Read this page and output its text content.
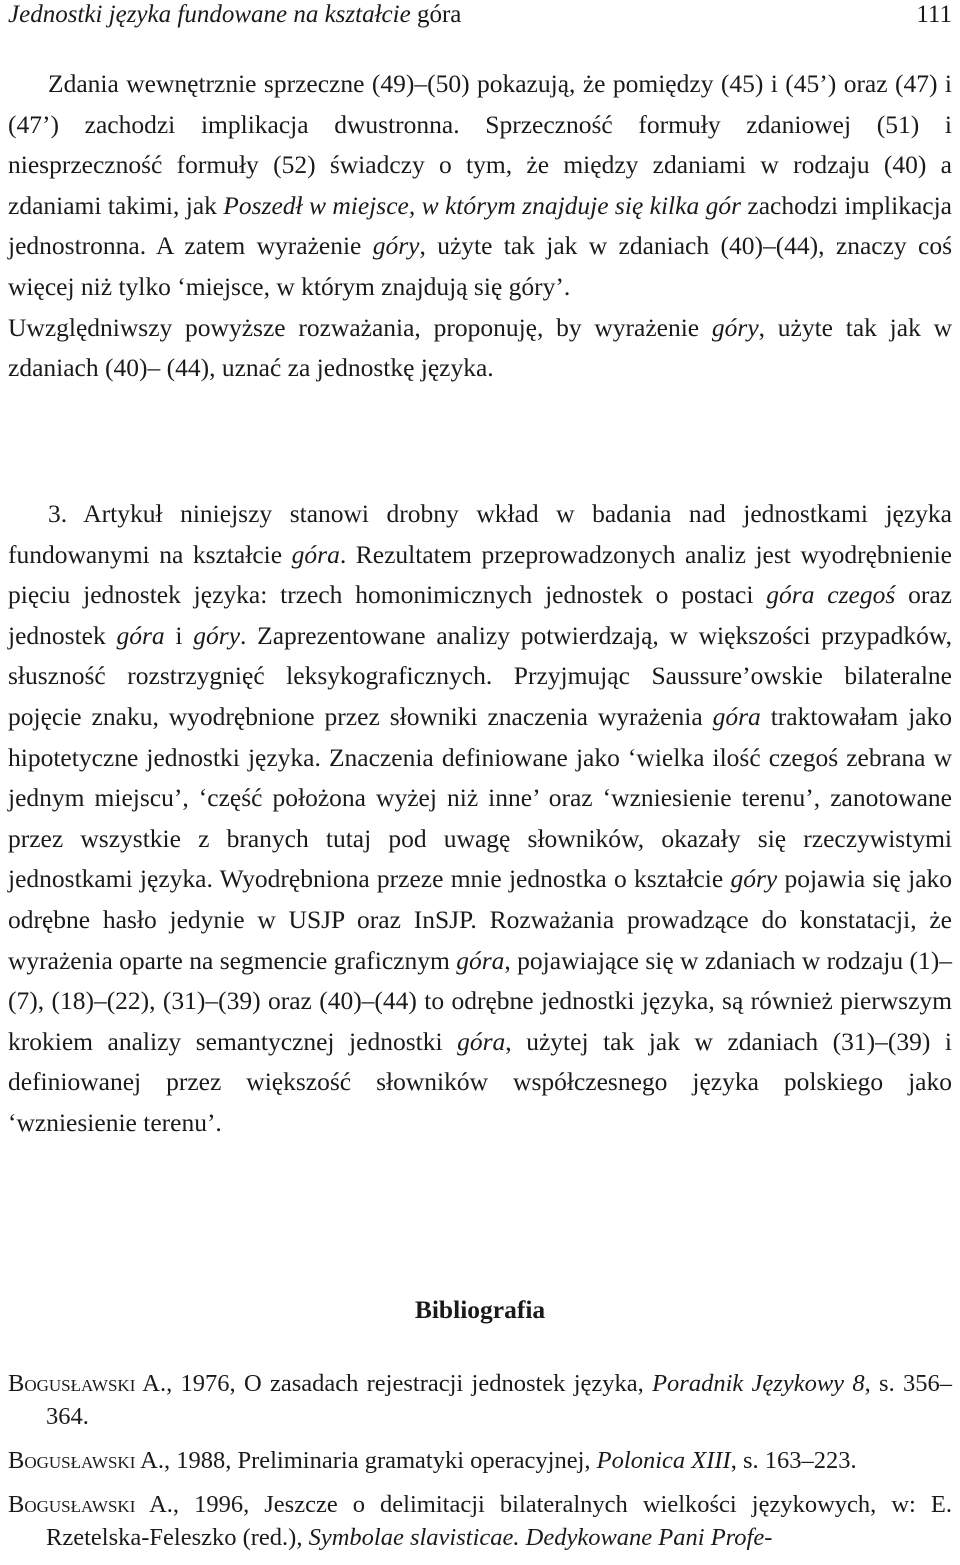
Jednostki języka fundowane na kształcie góra	111

Zdania wewnętrznie sprzeczne (49)–(50) pokazują, że pomiędzy (45) i (45’) oraz (47) i (47’) zachodzi implikacja dwustronna. Sprzeczność formuły zdaniowej (51) i niesprzeczność formuły (52) świadczy o tym, że między zdaniami w rodzaju (40) a zdaniami takimi, jak Poszedł w miejsce, w którym znajduje się kilka gór zachodzi implikacja jednostronna. A zatem wyrażenie góry, użyte tak jak w zdaniach (40)–(44), znaczy coś więcej niż tylko ‘miejsce, w którym znajdują się góry’.

Uwzględniwszy powyższe rozważania, proponuję, by wyrażenie góry, użyte tak jak w zdaniach (40)– (44), uznać za jednostkę języka.

3. Artykuł niniejszy stanowi drobny wkład w badania nad jednostkami języka fundowanymi na kształcie góra. Rezultatem przeprowadzonych analiz jest wyodrębnienie pięciu jednostek języka: trzech homonimicznych jednostek o postaci góra czegoś oraz jednostek góra i góry. Zaprezentowane analizy potwierdzają, w większości przypadków, słuszność rozstrzygnięć leksykograficznych. Przyjmując Saussure’owskie bilateralne pojęcie znaku, wyodrębnione przez słowniki znaczenia wyrażenia góra traktowałam jako hipotetyczne jednostki języka. Znaczenia definiowane jako ‘wielka ilość czegoś zebrana w jednym miejscu’, ‘część położona wyżej niż inne’ oraz ‘wzniesienie terenu’, zanotowane przez wszystkie z branych tutaj pod uwagę słowników, okazały się rzeczywistymi jednostkami języka. Wyodrębniona przeze mnie jednostka o kształcie góry pojawia się jako odrębne hasło jedynie w USJP oraz InSJP. Rozważania prowadzące do konstatacji, że wyrażenia oparte na segmencie graficznym góra, pojawiające się w zdaniach w rodzaju (1)–(7), (18)–(22), (31)–(39) oraz (40)–(44) to odrębne jednostki języka, są również pierwszym krokiem analizy semantycznej jednostki góra, użytej tak jak w zdaniach (31)–(39) i definiowanej przez większość słowników współczesnego języka polskiego jako ‘wzniesienie terenu’.

Bibliografia

Bogusławski A., 1976, O zasadach rejestracji jednostek języka, Poradnik Językowy 8, s. 356–364.

Bogusławski A., 1988, Preliminaria gramatyki operacyjnej, Polonica XIII, s. 163–223.

Bogusławski A., 1996, Jeszcze o delimitacji bilateralnych wielkości językowych, w: E. Rzetelska-Feleszko (red.), Symbolae slavisticae. Dedykowane Pani Profe-
